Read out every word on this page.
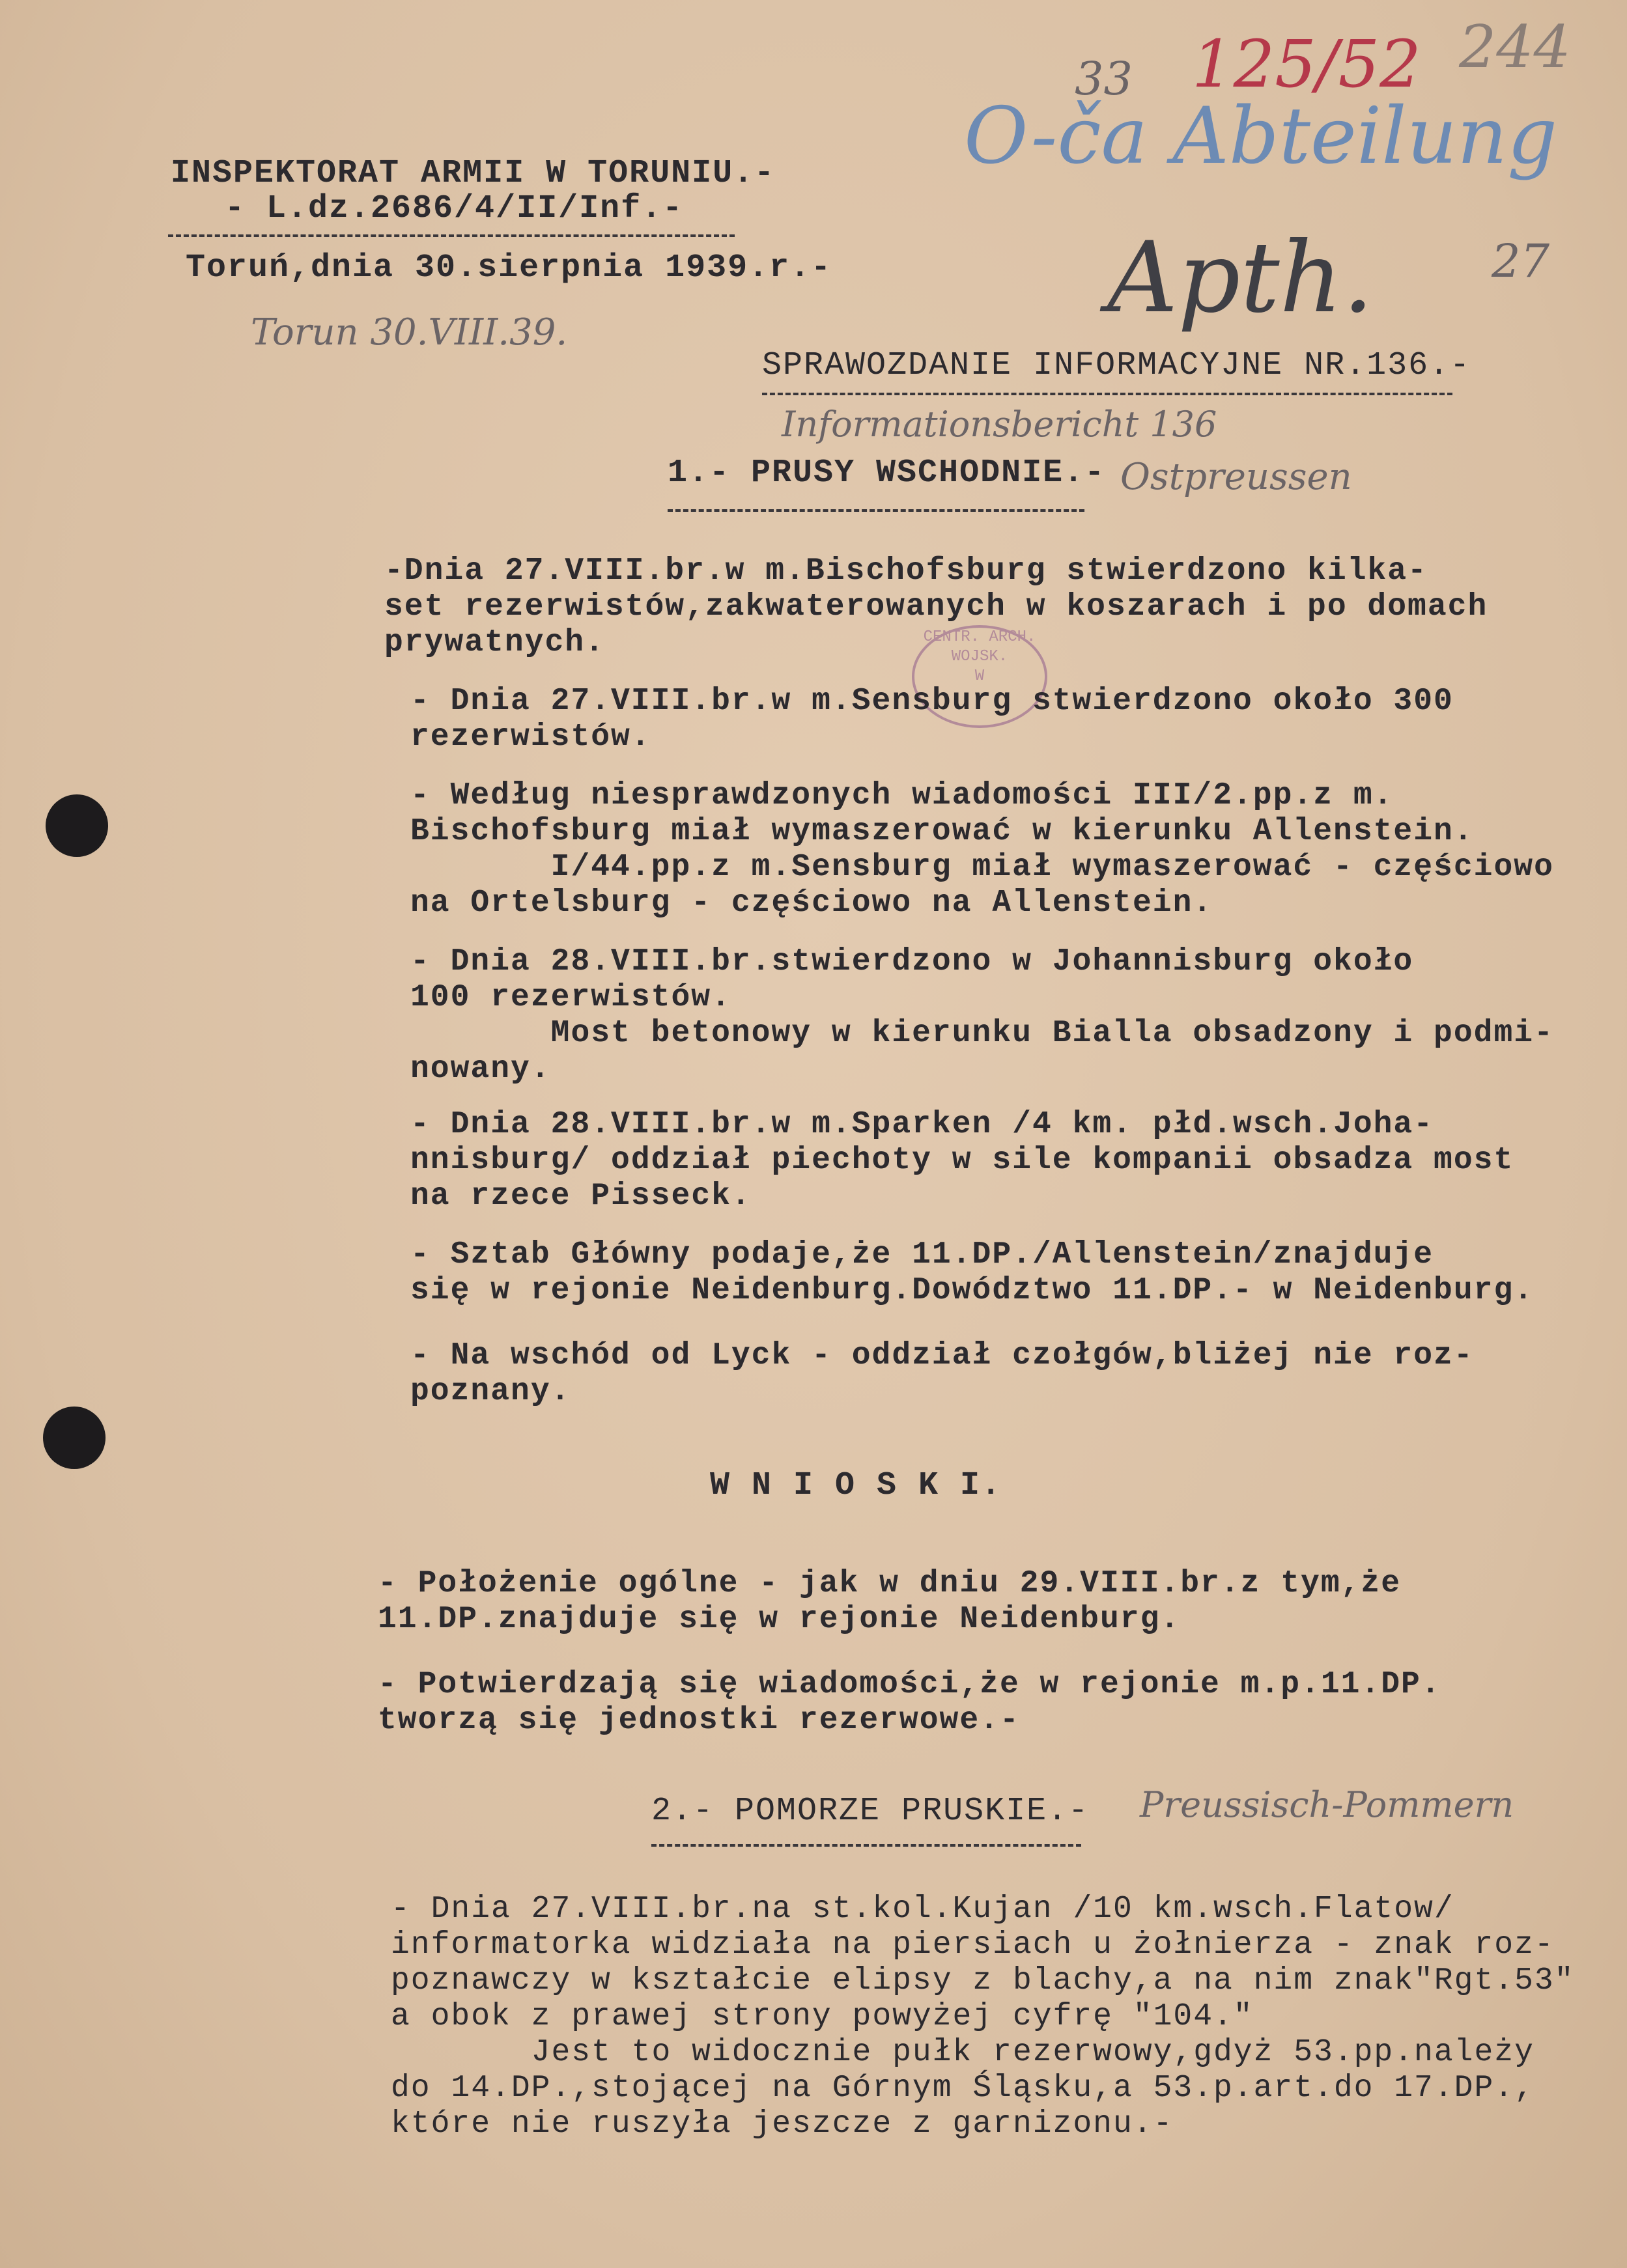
33 125/52 244
O-ča Abteilung
Apth.	27
INSPEKTORAT ARMII W TORUNIU.-
- L.dz.2686/4/II/Inf.-
Toruń,dnia 30.sierpnia 1939.r.-
Torun 30.VIII.39.
SPRAWOZDANIE INFORMACYJNE NR.136.-
Informationsbericht 136
1.- PRUSY WSCHODNIE.- Ostpreussen
CENTR. ARCH. WOJSK.
W
-Dnia 27.VIII.br.w m.Bischofsburg stwierdzono kilka-
set rezerwistów,zakwaterowanych w koszarach i po domach
prywatnych.
- Dnia 27.VIII.br.w m.Sensburg stwierdzono około 300
rezerwistów.
- Według niesprawdzonych wiadomości III/2.pp.z m.
Bischofsburg miał wymaszerować w kierunku Allenstein.
I/44.pp.z m.Sensburg miał wymaszerować - częściowo
na Ortelsburg - częściowo na Allenstein.
- Dnia 28.VIII.br.stwierdzono w Johannisburg około
100 rezerwistów.
Most betonowy w kierunku Bialla obsadzony i podmi-
nowany.
- Dnia 28.VIII.br.w m.Sparken /4 km. płd.wsch.Joha-
nnisburg/ oddział piechoty w sile kompanii obsadza most
na rzece Pisseck.
- Sztab Główny podaje,że 11.DP./Allenstein/znajduje
się w rejonie Neidenburg.Dowództwo 11.DP.- w Neidenburg.
- Na wschód od Lyck - oddział czołgów,bliżej nie roz-
poznany.
W N I O S K I.
- Położenie ogólne - jak w dniu 29.VIII.br.z tym,że
11.DP.znajduje się w rejonie Neidenburg.
- Potwierdzają się wiadomości,że w rejonie m.p.11.DP.
tworzą się jednostki rezerwowe.-
2.- POMORZE PRUSKIE.- Preussisch-Pommern
- Dnia 27.VIII.br.na st.kol.Kujan /10 km.wsch.Flatow/
informatorka widziała na piersiach u żołnierza - znak roz-
poznawczy w kształcie elipsy z blachy,a na nim znak"Rgt.53"
a obok z prawej strony powyżej cyfrę "104."
Jest to widocznie pułk rezerwowy,gdyż 53.pp.należy
do 14.DP.,stojącej na Górnym Śląsku,a 53.p.art.do 17.DP.,
które nie ruszyła jeszcze z garnizonu.-
